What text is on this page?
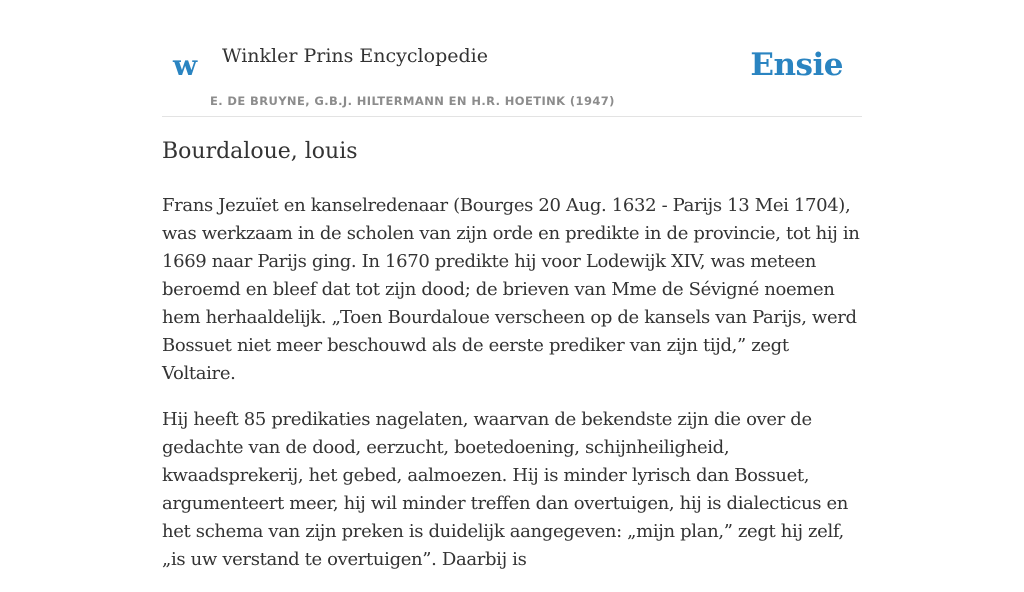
w Winkler Prins Encyclopedie
E. DE BRUYNE, G.B.J. HILTERMANN EN H.R. HOETINK (1947)
Ensie
Bourdaloue, louis

Frans Jezuïet en kanselredenaar (Bourges 20 Aug. 1632 - Parijs 13 Mei 1704), was werkzaam in de scholen van zijn orde en predikte in de provincie, tot hij in 1669 naar Parijs ging. In 1670 predikte hij voor Lodewijk XIV, was meteen beroemd en bleef dat tot zijn dood; de brieven van Mme de Sévigné noemen hem herhaaldelijk. „Toen Bourdaloue verscheen op de kansels van Parijs, werd Bossuet niet meer beschouwd als de eerste prediker van zijn tijd,” zegt Voltaire.

Hij heeft 85 predikaties nagelaten, waarvan de bekendste zijn die over de gedachte van de dood, eerzucht, boetedoening, schijnheiligheid, kwaadsprekerij, het gebed, aalmoezen. Hij is minder lyrisch dan Bossuet, argumenteert meer, hij wil minder treffen dan overtuigen, hij is dialecticus en het schema van zijn preken is duidelijk aangegeven: „mijn plan,” zegt hij zelf, „is uw verstand te overtuigen”. Daarbij is
